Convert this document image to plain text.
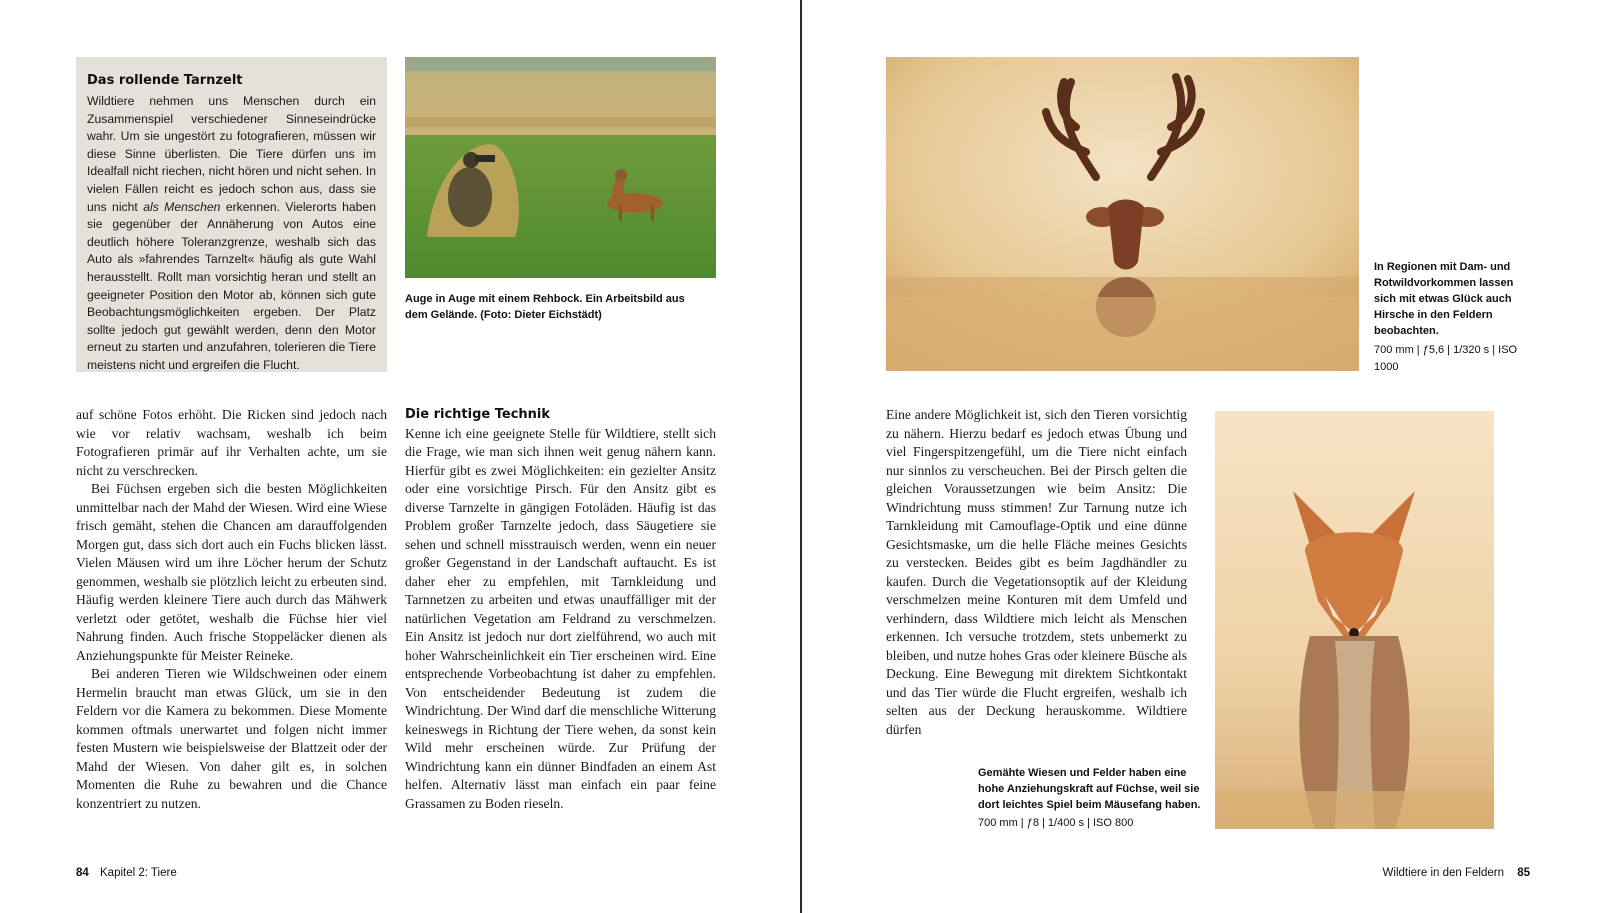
Das rollende Tarnzelt
Wildtiere nehmen uns Menschen durch ein Zusammenspiel verschiedener Sinneseindrücke wahr. Um sie ungestört zu fotografieren, müssen wir diese Sinne überlisten. Die Tiere dürfen uns im Idealfall nicht riechen, nicht hören und nicht sehen. In vielen Fällen reicht es jedoch schon aus, dass sie uns nicht als Menschen erkennen. Vielerorts haben sie gegenüber der Annäherung von Autos eine deutlich höhere Toleranzgrenze, weshalb sich das Auto als »fahrendes Tarnzelt« häufig als gute Wahl herausstellt. Rollt man vorsichtig heran und stellt an geeigneter Position den Motor ab, können sich gute Beobachtungsmöglichkeiten ergeben. Der Platz sollte jedoch gut gewählt werden, denn den Motor erneut zu starten und anzufahren, tolerieren die Tiere meistens nicht und ergreifen die Flucht.
Auge in Auge mit einem Rehbock. Ein Arbeitsbild aus dem Gelände. (Foto: Dieter Eichstädt)

auf schöne Fotos erhöht. Die Ricken sind jedoch nach wie vor relativ wachsam, weshalb ich beim Fotografieren primär auf ihr Verhalten achte, um sie nicht zu verschrecken.

Bei Füchsen ergeben sich die besten Möglichkeiten unmittelbar nach der Mahd der Wiesen. Wird eine Wiese frisch gemäht, stehen die Chancen am darauffolgenden Morgen gut, dass sich dort auch ein Fuchs blicken lässt. Vielen Mäusen wird um ihre Löcher herum der Schutz genommen, weshalb sie plötzlich leicht zu erbeuten sind. Häufig werden kleinere Tiere auch durch das Mähwerk verletzt oder getötet, weshalb die Füchse hier viel Nahrung finden. Auch frische Stoppeläcker dienen als Anziehungspunkte für Meister Reineke.

Bei anderen Tieren wie Wildschweinen oder einem Hermelin braucht man etwas Glück, um sie in den Feldern vor die Kamera zu bekommen. Diese Momente kommen oftmals unerwartet und folgen nicht immer festen Mustern wie beispielsweise der Blattzeit oder der Mahd der Wiesen. Von daher gilt es, in solchen Momenten die Ruhe zu bewahren und die Chance konzentriert zu nutzen.

Die richtige Technik

Kenne ich eine geeignete Stelle für Wildtiere, stellt sich die Frage, wie man sich ihnen weit genug nähern kann. Hierfür gibt es zwei Möglichkeiten: ein gezielter Ansitz oder eine vorsichtige Pirsch. Für den Ansitz gibt es diverse Tarnzelte in gängigen Fotoläden. Häufig ist das Problem großer Tarnzelte jedoch, dass Säugetiere sie sehen und schnell misstrauisch werden, wenn ein neuer großer Gegenstand in der Landschaft auftaucht. Es ist daher eher zu empfehlen, mit Tarnkleidung und Tarnnetzen zu arbeiten und etwas unauffälliger mit der natürlichen Vegetation am Feldrand zu verschmelzen. Ein Ansitz ist jedoch nur dort zielführend, wo auch mit hoher Wahrscheinlichkeit ein Tier erscheinen wird. Eine entsprechende Vorbeobachtung ist daher zu empfehlen. Von entscheidender Bedeutung ist zudem die Windrichtung. Der Wind darf die menschliche Witterung keineswegs in Richtung der Tiere wehen, da sonst kein Wild mehr erscheinen würde. Zur Prüfung der Windrichtung kann ein dünner Bindfaden an einem Ast helfen. Alternativ lässt man einfach ein paar feine Grassamen zu Boden rieseln.

84 Kapitel 2: Tiere
In Regionen mit Dam- und Rotwildvorkommen lassen sich mit etwas Glück auch Hirsche in den Feldern beobachten.
700 mm | ƒ5,6 | 1/320 s | ISO 1000

Eine andere Möglichkeit ist, sich den Tieren vorsichtig zu nähern. Hierzu bedarf es jedoch etwas Übung und viel Fingerspitzengefühl, um die Tiere nicht einfach nur sinnlos zu verscheuchen. Bei der Pirsch gelten die gleichen Voraussetzungen wie beim Ansitz: Die Windrichtung muss stimmen! Zur Tarnung nutze ich Tarnkleidung mit Camouflage-Optik und eine dünne Gesichtsmaske, um die helle Fläche meines Gesichts zu verstecken. Beides gibt es beim Jagdhändler zu kaufen. Durch die Vegetationsoptik auf der Kleidung verschmelzen meine Konturen mit dem Umfeld und verhindern, dass Wildtiere mich leicht als Menschen erkennen. Ich versuche trotzdem, stets unbemerkt zu bleiben, und nutze hohes Gras oder kleinere Büsche als Deckung. Eine Bewegung mit direktem Sichtkontakt und das Tier würde die Flucht ergreifen, weshalb ich selten aus der Deckung herauskomme. Wildtiere dürfen

Gemähte Wiesen und Felder haben eine hohe Anziehungskraft auf Füchse, weil sie dort leichtes Spiel beim Mäusefang haben.
700 mm | ƒ8 | 1/400 s | ISO 800
Wildtiere in den Feldern 85
